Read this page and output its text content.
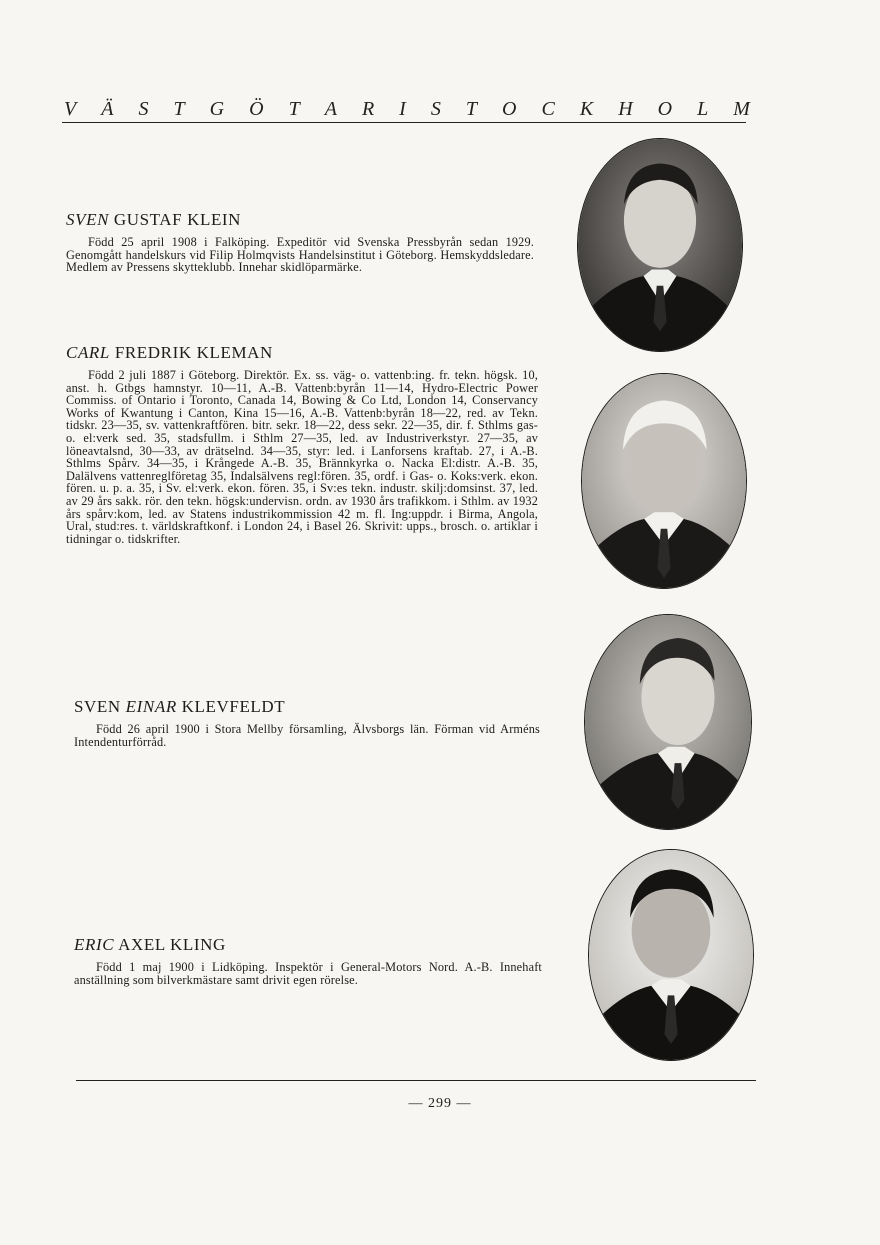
V Ä S T G Ö T A R I S T O C K H O L M
SVEN GUSTAF KLEIN

Född 25 april 1908 i Falköping. Expeditör vid Svenska Pressbyrån sedan 1929. Genomgått handelskurs vid Filip Holmqvists Handelsinstitut i Göteborg. Hemskyddsledare. Medlem av Pressens skytteklubb. Innehar skidlöparmärke.

CARL FREDRIK KLEMAN

Född 2 juli 1887 i Göteborg. Direktör. Ex. ss. väg- o. vattenb:ing. fr. tekn. högsk. 10, anst. h. Gtbgs hamnstyr. 10—11, A.-B. Vattenb:byrån 11—14, Hydro-Electric Power Commiss. of Ontario i Toronto, Canada 14, Bowing & Co Ltd, London 14, Conservancy Works of Kwantung i Canton, Kina 15—16, A.-B. Vattenb:byrån 18—22, red. av Tekn. tidskr. 23—35, sv. vattenkraftfören. bitr. sekr. 18—22, dess sekr. 22—35, dir. f. Sthlms gas- o. el:verk sed. 35, stadsfullm. i Sthlm 27—35, led. av Industriverkstyr. 27—35, av löneavtalsnd, 30—33, av drätselnd. 34—35, styr: led. i Lanforsens kraftab. 27, i A.-B. Sthlms Spårv. 34—35, i Krångede A.-B. 35, Brännkyrka o. Nacka El:distr. A.-B. 35, Dalälvens vattenreglföretag 35, Indalsälvens regl:fören. 35, ordf. i Gas- o. Koks:verk. ekon. fören. u. p. a. 35, i Sv. el:verk. ekon. fören. 35, i Sv:es tekn. industr. skilj:domsinst. 37, led. av 29 års sakk. rör. den tekn. högsk:undervisn. ordn. av 1930 års trafikkom. i Sthlm. av 1932 års spårv:kom, led. av Statens industrikommission 42 m. fl. Ing:uppdr. i Birma, Angola, Ural, stud:res. t. världskraftkonf. i London 24, i Basel 26. Skrivit: upps., brosch. o. artiklar i tidningar o. tidskrifter.

SVEN EINAR KLEVFELDT

Född 26 april 1900 i Stora Mellby församling, Älvsborgs län. Förman vid Arméns Intendenturförråd.

ERIC AXEL KLING

Född 1 maj 1900 i Lidköping. Inspektör i General-Motors Nord. A.-B. Innehaft anställning som bilverkmästare samt drivit egen rörelse.

— 299 —
